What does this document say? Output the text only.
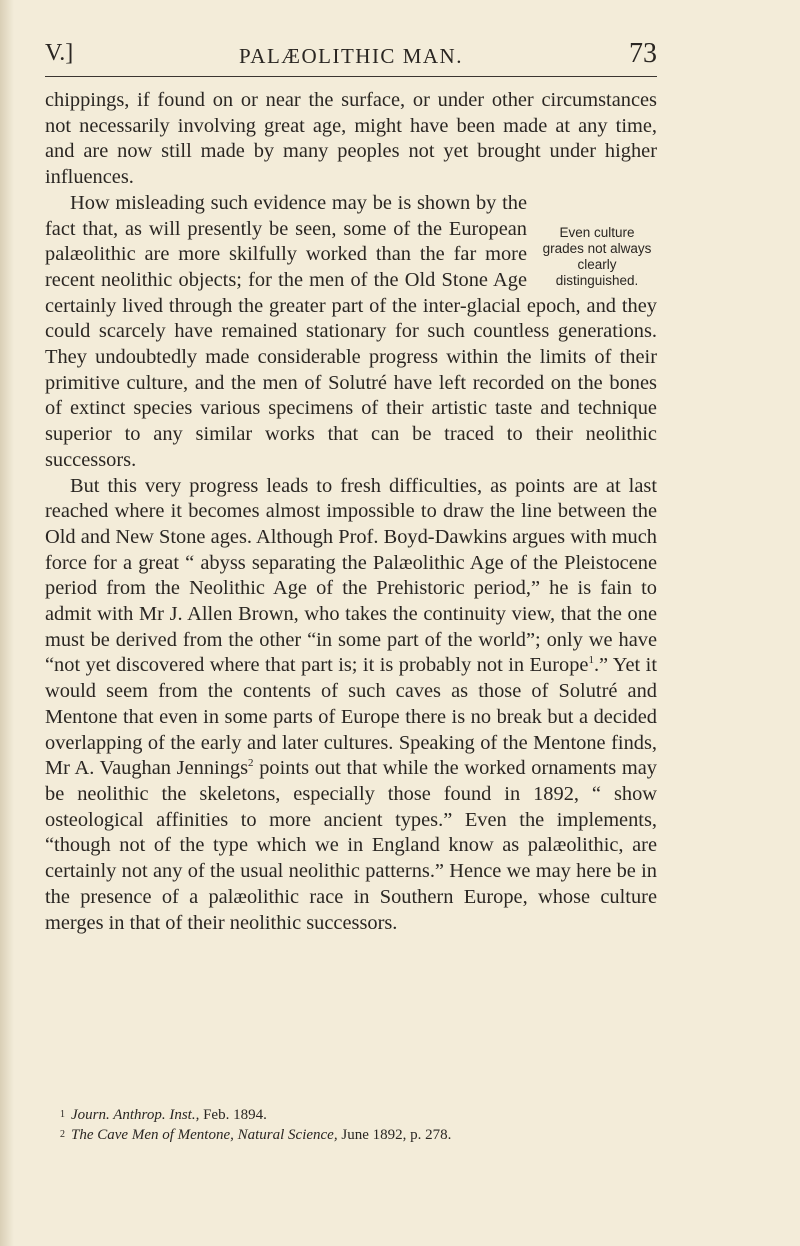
V.]	PALÆOLITHIC MAN.	73

chippings, if found on or near the surface, or under other circumstances not necessarily involving great age, might have been made at any time, and are now still made by many peoples not yet brought under higher influences.

Even culture grades not always clearly distinguished.
How misleading such evidence may be is shown by the fact that, as will presently be seen, some of the European palæolithic are more skilfully worked than the far more recent neolithic objects; for the men of the Old Stone Age certainly lived through the greater part of the inter-glacial epoch, and they could scarcely have remained stationary for such countless generations. They undoubtedly made considerable progress within the limits of their primitive culture, and the men of Solutré have left recorded on the bones of extinct species various specimens of their artistic taste and technique superior to any similar works that can be traced to their neolithic successors.

But this very progress leads to fresh difficulties, as points are at last reached where it becomes almost impossible to draw the line between the Old and New Stone ages. Although Prof. Boyd-Dawkins argues with much force for a great “ abyss separating the Palæolithic Age of the Pleistocene period from the Neolithic Age of the Prehistoric period,” he is fain to admit with Mr J. Allen Brown, who takes the continuity view, that the one must be derived from the other “in some part of the world”; only we have “not yet discovered where that part is; it is probably not in Europe$^1$.” Yet it would seem from the contents of such caves as those of Solutré and Mentone that even in some parts of Europe there is no break but a decided overlapping of the early and later cultures. Speaking of the Mentone finds, Mr A. Vaughan Jennings$^2$ points out that while the worked ornaments may be neolithic the skeletons, especially those found in 1892, “ show osteological affinities to more ancient types.” Even the implements, “though not of the type which we in England know as palæolithic, are certainly not any of the usual neolithic patterns.” Hence we may here be in the presence of a palæolithic race in Southern Europe, whose culture merges in that of their neolithic successors.

$^1$ Journ. Anthrop. Inst., Feb. 1894.

$^2$ The Cave Men of Mentone, Natural Science, June 1892, p. 278.
